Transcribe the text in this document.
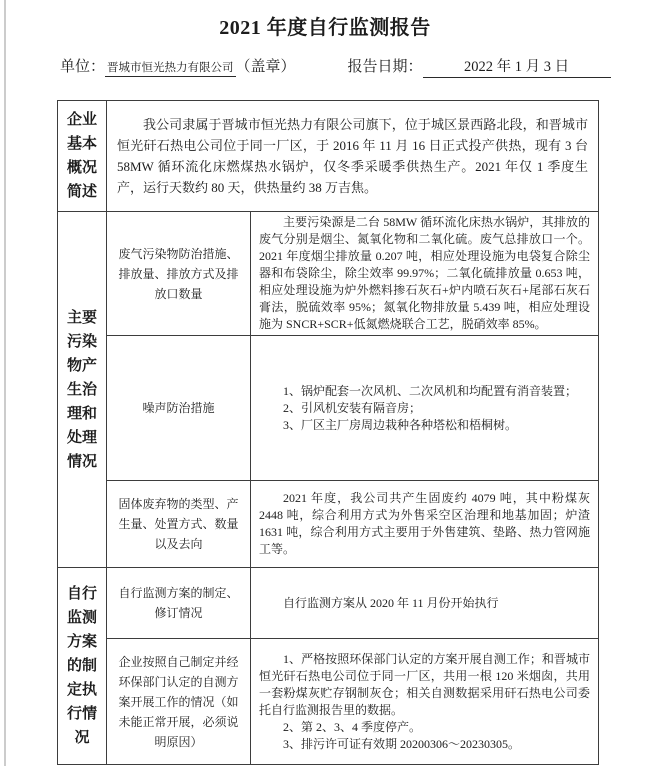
2021 年度自行监测报告
单位： 晋城市恒光热力有限公司 （盖章）	报告日期：	2022 年 1 月 3 日
企业基本概况简述	我公司隶属于晋城市恒光热力有限公司旗下，位于城区景西路北段，和晋城市恒光矸石热电公司位于同一厂区，于 2016 年 11 月 16 日正式投产供热，现有 3 台 58MW 循环流化床燃煤热水锅炉，仅冬季采暖季供热生产。2021 年仅 1 季度生产，运行天数约 80 天，供热量约 38 万吉焦。	

主要污染物产生治理和处理情况	废气污染物防治措施、排放量、排放方式及排放口数量	主要污染源是二台 58MW 循环流化床热水锅炉，其排放的废气分别是烟尘、氮氧化物和二氧化硫。废气总排放口一个。2021 年度烟尘排放量 0.207 吨，相应处理设施为电袋复合除尘器和布袋除尘，除尘效率 99.97%；二氧化硫排放量 0.653 吨，相应处理设施为炉外燃料掺石灰石+炉内喷石灰石+尾部石灰石膏法，脱硫效率 95%；氮氧化物排放量 5.439 吨，相应处理设施为 SNCR+SCR+低氮燃烧联合工艺，脱硝效率 85%。

	噪声防治措施	1、锅炉配套一次风机、二次风机和均配置有消音装置；

2、引风机安装有隔音房；

3、厂区主厂房周边栽种各种塔松和梧桐树。

	固体废弃物的类型、产生量、处置方式、数量以及去向	2021 年度，我公司共产生固废约 4079 吨，其中粉煤灰 2448 吨，综合利用方式为外售采空区治理和地基加固；炉渣 1631 吨，综合利用方式主要用于外售建筑、垫路、热力管网施工等。

自行监测方案的制定执行情况	自行监测方案的制定、修订情况	自行监测方案从 2020 年 11 月份开始执行

	企业按照自己制定并经环保部门认定的自测方案开展工作的情况（如未能正常开展，必须说明原因）	1、严格按照环保部门认定的方案开展自测工作；和晋城市恒光矸石热电公司位于同一厂区，共用一根 120 米烟囱，共用一套粉煤灰贮存钢制灰仓；相关自测数据采用矸石热电公司委托自行监测报告里的数据。

2、第 2、3、4 季度停产。

3、排污许可证有效期 20200306～20230305。
